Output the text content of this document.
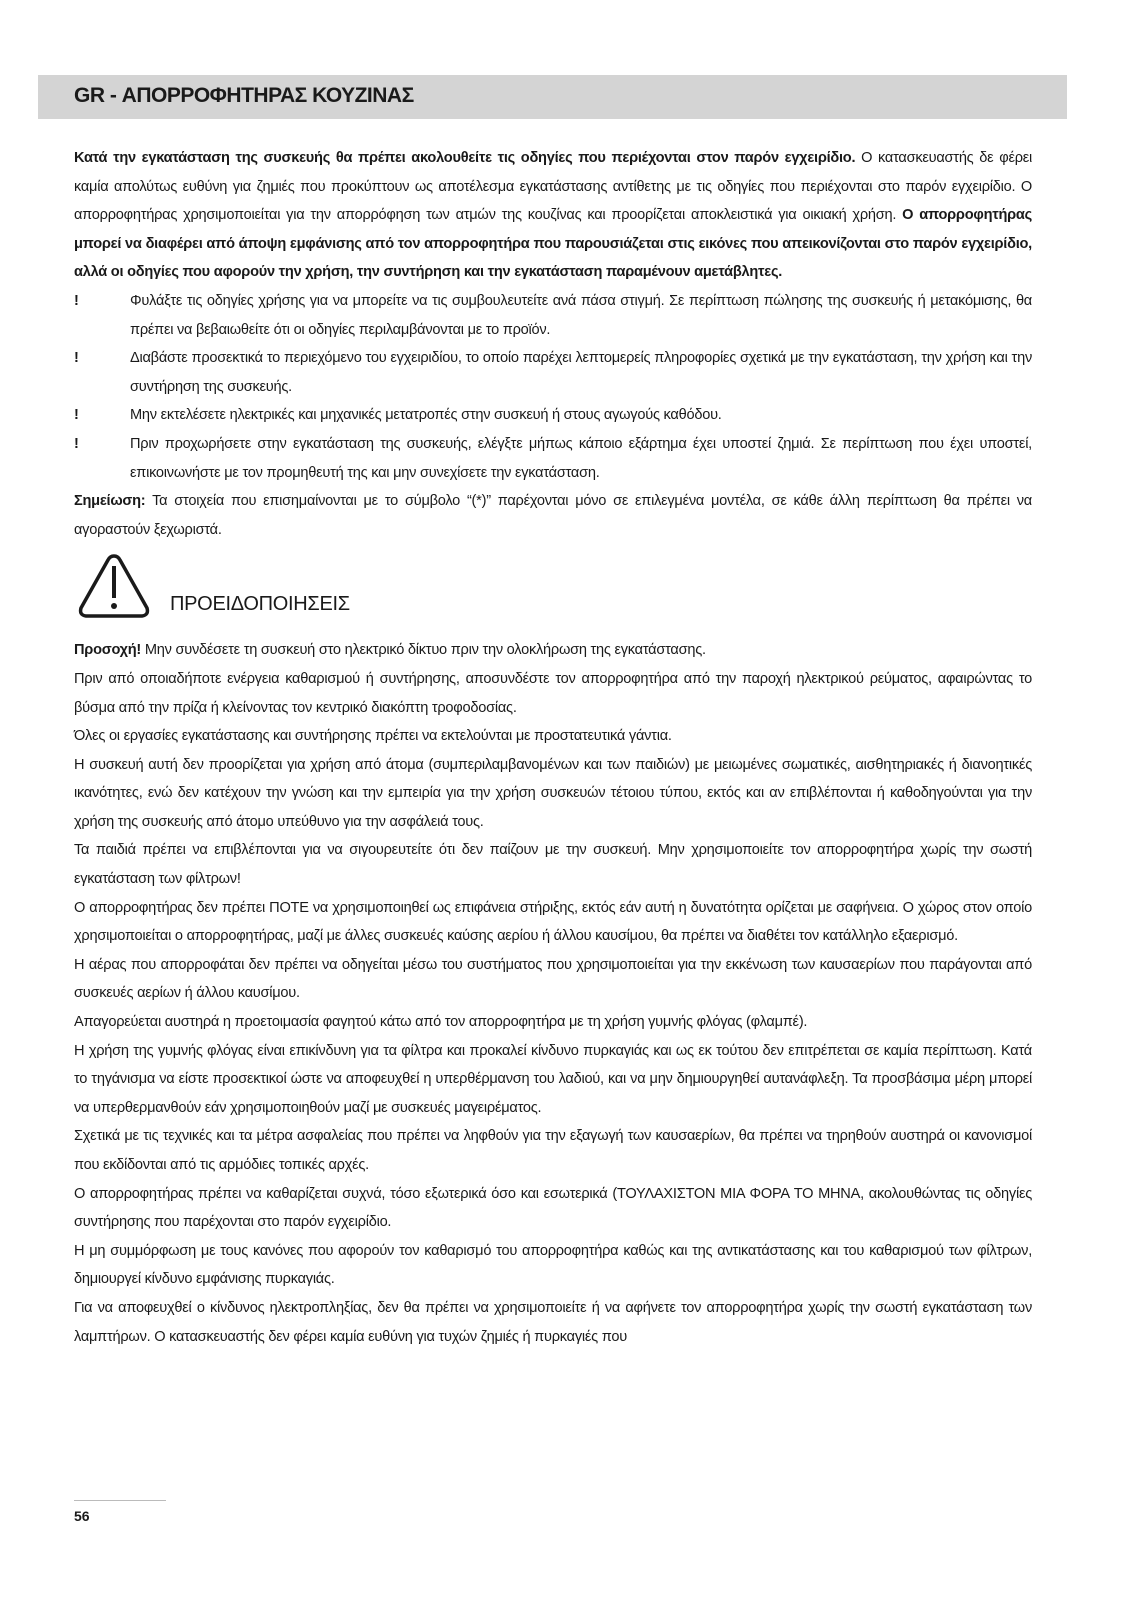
GR - ΑΠΟΡΡΟΦΗΤΗΡΑΣ ΚΟΥΖΙΝΑΣ

Κατά την εγκατάσταση της συσκευής θα πρέπει ακολουθείτε τις οδηγίες που περιέχονται στον παρόν εγχειρίδιο. Ο κατασκευαστής δε φέρει καμία απολύτως ευθύνη για ζημιές που προκύπτουν ως αποτέλεσμα εγκατάστασης αντίθετης με τις οδηγίες που περιέχονται στο παρόν εγχειρίδιο. Ο απορροφητήρας χρησιμοποιείται για την απορρόφηση των ατμών της κουζίνας και προορίζεται αποκλειστικά για οικιακή χρήση. Ο απορροφητήρας μπορεί να διαφέρει από άποψη εμφάνισης από τον απορροφητήρα που παρουσιάζεται στις εικόνες που απεικονίζονται στο παρόν εγχειρίδιο, αλλά οι οδηγίες που αφορούν την χρήση, την συντήρηση και την εγκατάσταση παραμένουν αμετάβλητες.

!	Φυλάξτε τις οδηγίες χρήσης για να μπορείτε να τις συμβουλευτείτε ανά πάσα στιγμή. Σε περίπτωση πώλησης της συσκευής ή μετακόμισης, θα πρέπει να βεβαιωθείτε ότι οι οδηγίες περιλαμβάνονται με το προϊόν.
!	Διαβάστε προσεκτικά το περιεχόμενο του εγχειριδίου, το οποίο παρέχει λεπτομερείς πληροφορίες σχετικά με την εγκατάσταση, την χρήση και την συντήρηση της συσκευής.
!	Μην εκτελέσετε ηλεκτρικές και μηχανικές μετατροπές στην συσκευή ή στους αγωγούς καθόδου.
!	Πριν προχωρήσετε στην εγκατάσταση της συσκευής, ελέγξτε μήπως κάποιο εξάρτημα έχει υποστεί ζημιά. Σε περίπτωση που έχει υποστεί, επικοινωνήστε με τον προμηθευτή της και μην συνεχίσετε την εγκατάσταση.

Σημείωση: Τα στοιχεία που επισημαίνονται με το σύμβολο “(*)” παρέχονται μόνο σε επιλεγμένα μοντέλα, σε κάθε άλλη περίπτωση θα πρέπει να αγοραστούν ξεχωριστά.

ΠΡΟΕΙΔΟΠΟΙΗΣΕΙΣ

Προσοχή! Μην συνδέσετε τη συσκευή στο ηλεκτρικό δίκτυο πριν την ολοκλήρωση της εγκατάστασης.

Πριν από οποιαδήποτε ενέργεια καθαρισμού ή συντήρησης, αποσυνδέστε τον απορροφητήρα από την παροχή ηλεκτρικού ρεύματος, αφαιρώντας το βύσμα από την πρίζα ή κλείνοντας τον κεντρικό διακόπτη τροφοδοσίας.

Όλες οι εργασίες εγκατάστασης και συντήρησης πρέπει να εκτελούνται με προστατευτικά γάντια.

Η συσκευή αυτή δεν προορίζεται για χρήση από άτομα (συμπεριλαμβανομένων και των παιδιών) με μειωμένες σωματικές, αισθητηριακές ή διανοητικές ικανότητες, ενώ δεν κατέχουν την γνώση και την εμπειρία για την χρήση συσκευών τέτοιου τύπου, εκτός και αν επιβλέπονται ή καθοδηγούνται για την χρήση της συσκευής από άτομο υπεύθυνο για την ασφάλειά τους.

Τα παιδιά πρέπει να επιβλέπονται για να σιγουρευτείτε ότι δεν παίζουν με την συσκευή. Μην χρησιμοποιείτε τον απορροφητήρα χωρίς την σωστή εγκατάσταση των φίλτρων!

Ο απορροφητήρας δεν πρέπει ΠΟΤΕ να χρησιμοποιηθεί ως επιφάνεια στήριξης, εκτός εάν αυτή η δυνατότητα ορίζεται με σαφήνεια. Ο χώρος στον οποίο χρησιμοποιείται ο απορροφητήρας, μαζί με άλλες συσκευές καύσης αερίου ή άλλου καυσίμου, θα πρέπει να διαθέτει τον κατάλληλο εξαερισμό.

Η αέρας που απορροφάται δεν πρέπει να οδηγείται μέσω του συστήματος που χρησιμοποιείται για την εκκένωση των καυσαερίων που παράγονται από συσκευές αερίων ή άλλου καυσίμου.

Απαγορεύεται αυστηρά η προετοιμασία φαγητού κάτω από τον απορροφητήρα με τη χρήση γυμνής φλόγας (φλαμπέ).

Η χρήση της γυμνής φλόγας είναι επικίνδυνη για τα φίλτρα και προκαλεί κίνδυνο πυρκαγιάς και ως εκ τούτου δεν επιτρέπεται σε καμία περίπτωση. Κατά το τηγάνισμα να είστε προσεκτικοί ώστε να αποφευχθεί η υπερθέρμανση του λαδιού, και να μην δημιουργηθεί αυτανάφλεξη. Τα προσβάσιμα μέρη μπορεί να υπερθερμανθούν εάν χρησιμοποιηθούν μαζί με συσκευές μαγειρέματος.

Σχετικά με τις τεχνικές και τα μέτρα ασφαλείας που πρέπει να ληφθούν για την εξαγωγή των καυσαερίων, θα πρέπει να τηρηθούν αυστηρά οι κανονισμοί που εκδίδονται από τις αρμόδιες τοπικές αρχές.

Ο απορροφητήρας πρέπει να καθαρίζεται συχνά, τόσο εξωτερικά όσο και εσωτερικά (ΤΟΥΛΑΧΙΣΤΟΝ ΜΙΑ ΦΟΡΑ ΤΟ ΜΗΝΑ, ακολουθώντας τις οδηγίες συντήρησης που παρέχονται στο παρόν εγχειρίδιο.

Η μη συμμόρφωση με τους κανόνες που αφορούν τον καθαρισμό του απορροφητήρα καθώς και της αντικατάστασης και του καθαρισμού των φίλτρων, δημιουργεί κίνδυνο εμφάνισης πυρκαγιάς.

Για να αποφευχθεί ο κίνδυνος ηλεκτροπληξίας, δεν θα πρέπει να χρησιμοποιείτε ή να αφήνετε τον απορροφητήρα χωρίς την σωστή εγκατάσταση των λαμπτήρων. Ο κατασκευαστής δεν φέρει καμία ευθύνη για τυχών ζημιές ή πυρκαγιές που

56
